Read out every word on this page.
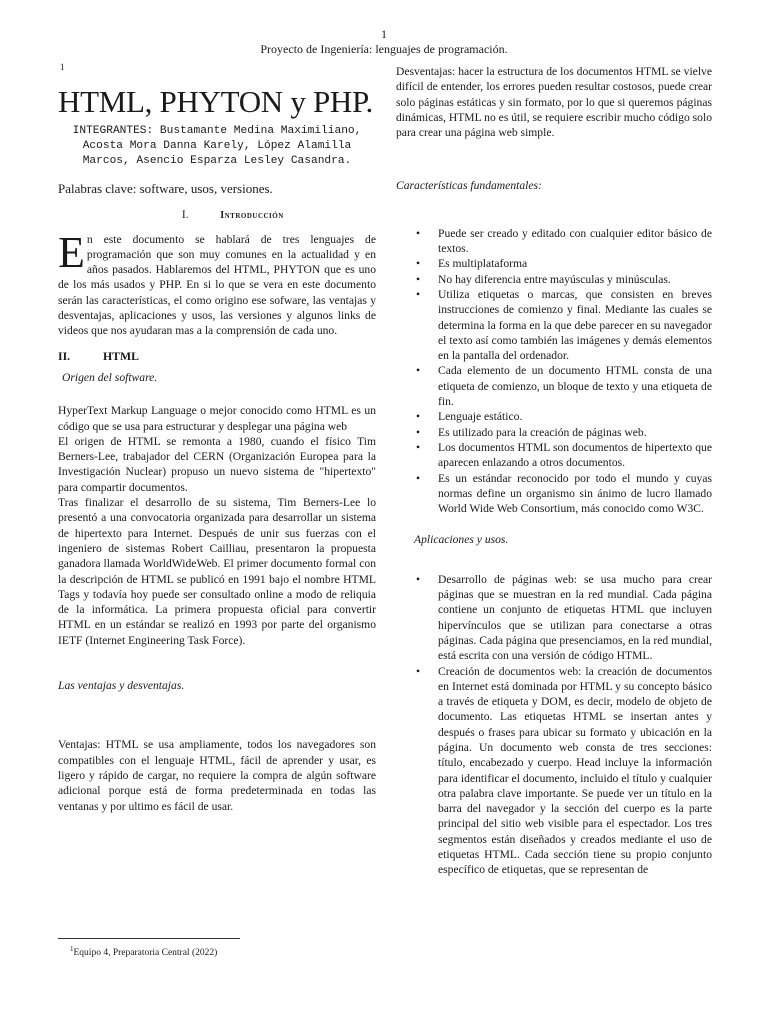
1
Proyecto de Ingeniería: lenguajes de programación.
1
HTML, PHYTON y PHP.
INTEGRANTES: Bustamante Medina Maximiliano, Acosta Mora Danna Karely, López Alamilla Marcos, Asencio Esparza Lesley Casandra.
Palabras clave: software, usos, versiones.
I.	Introducción

En este documento se hablará de tres lenguajes de programación que son muy comunes en la actualidad y en años pasados. Hablaremos del HTML, PHYTON que es uno de los más usados y PHP. En si lo que se vera en este documento serán las características, el como origino ese sofware, las ventajas y desventajas, aplicaciones y usos, las versiones y algunos links de videos que nos ayudaran mas a la comprensión de cada uno.

II.	HTML
Origen del software.

HyperText Markup Language o mejor conocido como HTML es un código que se usa para estructurar y desplegar una página web

El origen de HTML se remonta a 1980, cuando el físico Tim Berners-Lee, trabajador del CERN (Organización Europea para la Investigación Nuclear) propuso un nuevo sistema de "hipertexto" para compartir documentos.

Tras finalizar el desarrollo de su sistema, Tim Berners-Lee lo presentó a una convocatoria organizada para desarrollar un sistema de hipertexto para Internet. Después de unir sus fuerzas con el ingeniero de sistemas Robert Cailliau, presentaron la propuesta ganadora llamada WorldWideWeb. El primer documento formal con la descripción de HTML se publicó en 1991 bajo el nombre HTML Tags y todavía hoy puede ser consultado online a modo de reliquia de la informática. La primera propuesta oficial para convertir HTML en un estándar se realizó en 1993 por parte del organismo IETF (Internet Engineering Task Force).

Las ventajas y desventajas.

Ventajas: HTML se usa ampliamente, todos los navegadores son compatibles con el lenguaje HTML, fácil de aprender y usar, es ligero y rápido de cargar, no requiere la compra de algún software adicional porque está de forma predeterminada en todas las ventanas y por ultimo es fácil de usar.

$^1$Equipo 4, Preparatoria Central (2022)

Desventajas: hacer la estructura de los documentos HTML se vielve difícil de entender, los errores pueden resultar costosos, puede crear solo páginas estáticas y sin formato, por lo que si queremos páginas dinámicas, HTML no es útil, se requiere escribir mucho código solo para crear una página web simple.

Características fundamentales:
• Puede ser creado y editado con cualquier editor básico de textos.
• Es multiplataforma
• No hay diferencia entre mayúsculas y minúsculas.
• Utiliza etiquetas o marcas, que consisten en breves instrucciones de comienzo y final. Mediante las cuales se determina la forma en la que debe parecer en su navegador el texto así como también las imágenes y demás elementos en la pantalla del ordenador.
• Cada elemento de un documento HTML consta de una etiqueta de comienzo, un bloque de texto y una etiqueta de fin.
• Lenguaje estático.
• Es utilizado para la creación de páginas web.
• Los documentos HTML son documentos de hipertexto que aparecen enlazando a otros documentos.
• Es un estándar reconocido por todo el mundo y cuyas normas define un organismo sin ánimo de lucro llamado World Wide Web Consortium, más conocido como W3C.
Aplicaciones y usos.
• Desarrollo de páginas web: se usa mucho para crear páginas que se muestran en la red mundial. Cada página contiene un conjunto de etiquetas HTML que incluyen hipervínculos que se utilizan para conectarse a otras páginas. Cada página que presenciamos, en la red mundial, está escrita con una versión de código HTML.
• Creación de documentos web: la creación de documentos en Internet está dominada por HTML y su concepto básico a través de etiqueta y DOM, es decir, modelo de objeto de documento. Las etiquetas HTML se insertan antes y después o frases para ubicar su formato y ubicación en la página. Un documento web consta de tres secciones: título, encabezado y cuerpo. Head incluye la información para identificar el documento, incluido el título y cualquier otra palabra clave importante. Se puede ver un título en la barra del navegador y la sección del cuerpo es la parte principal del sitio web visible para el espectador. Los tres segmentos están diseñados y creados mediante el uso de etiquetas HTML. Cada sección tiene su propio conjunto específico de etiquetas, que se representan de
